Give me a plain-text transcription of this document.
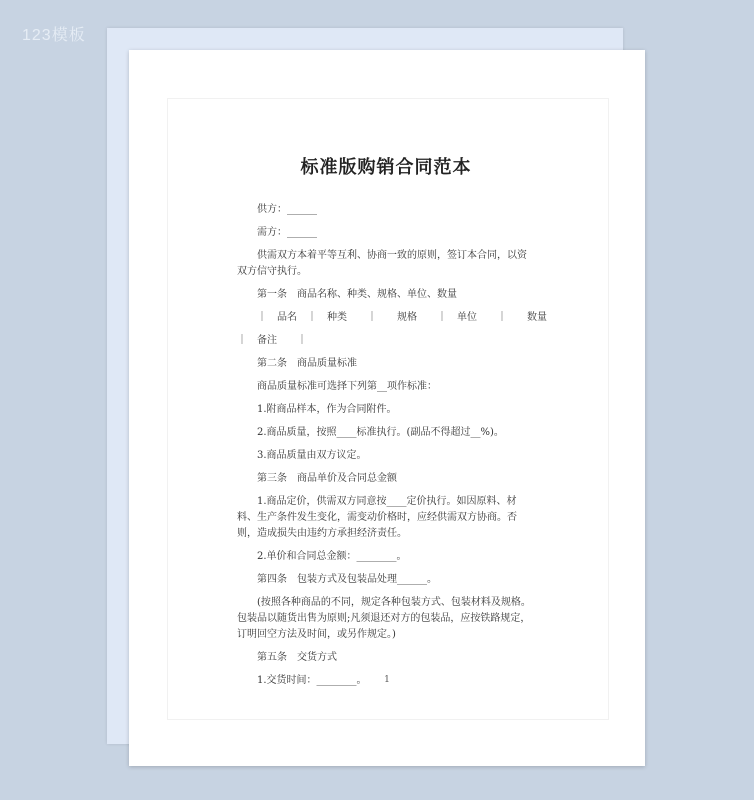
123模板
1
标准版购销合同范本
供方：______
需方：______
供需双方本着平等互利、协商一致的原则，签订本合同，以资双方信守执行。
第一条　商品名称、种类、规格、单位、数量
｜　品名　｜　种类　　｜　　规格　　｜　单位　　｜　　数量
｜　备注　　｜
第二条　商品质量标准
商品质量标准可选择下列第__项作标准：
1.附商品样本，作为合同附件。
2.商品质量，按照____标准执行。(副品不得超过__%)。
3.商品质量由双方议定。
第三条　商品单价及合同总金额
1.商品定价，供需双方同意按____定价执行。如因原料、材料、生产条件发生变化，需变动价格时，应经供需双方协商。否则，造成损失由违约方承担经济责任。
2.单价和合同总金额：________。
第四条　包装方式及包装品处理______。
(按照各种商品的不同，规定各种包装方式、包装材料及规格。包装品以随货出售为原则;凡须退还对方的包装品，应按铁路规定，订明回空方法及时间，或另作规定。)
第五条　交货方式
1.交货时间：________。
